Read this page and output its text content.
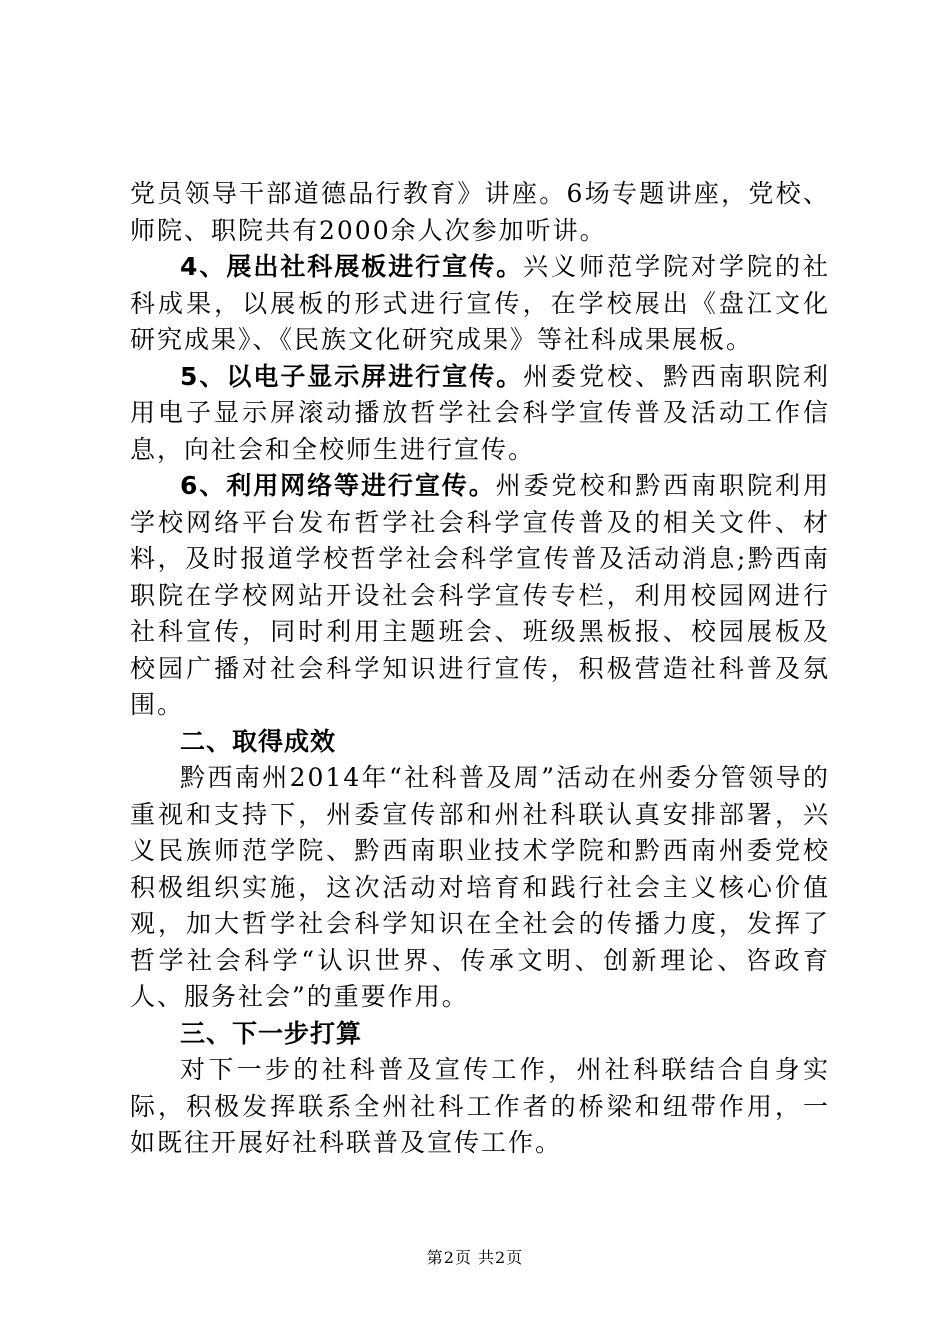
党员领导干部道德品行教育》讲座。6场专题讲座，党校、师院、职院共有2000余人次参加听讲。

4、展出社科展板进行宣传。兴义师范学院对学院的社科成果，以展板的形式进行宣传，在学校展出《盘江文化研究成果》、《民族文化研究成果》等社科成果展板。

5、以电子显示屏进行宣传。州委党校、黔西南职院利用电子显示屏滚动播放哲学社会科学宣传普及活动工作信息，向社会和全校师生进行宣传。

6、利用网络等进行宣传。州委党校和黔西南职院利用学校网络平台发布哲学社会科学宣传普及的相关文件、材料，及时报道学校哲学社会科学宣传普及活动消息;黔西南职院在学校网站开设社会科学宣传专栏，利用校园网进行社科宣传，同时利用主题班会、班级黑板报、校园展板及校园广播对社会科学知识进行宣传，积极营造社科普及氛围。

二、取得成效

黔西南州2014年“社科普及周”活动在州委分管领导的重视和支持下，州委宣传部和州社科联认真安排部署，兴义民族师范学院、黔西南职业技术学院和黔西南州委党校积极组织实施，这次活动对培育和践行社会主义核心价值观，加大哲学社会科学知识在全社会的传播力度，发挥了哲学社会科学“认识世界、传承文明、创新理论、咨政育人、服务社会”的重要作用。

三、下一步打算

对下一步的社科普及宣传工作，州社科联结合自身实际，积极发挥联系全州社科工作者的桥梁和纽带作用，一如既往开展好社科联普及宣传工作。

第2页 共2页
